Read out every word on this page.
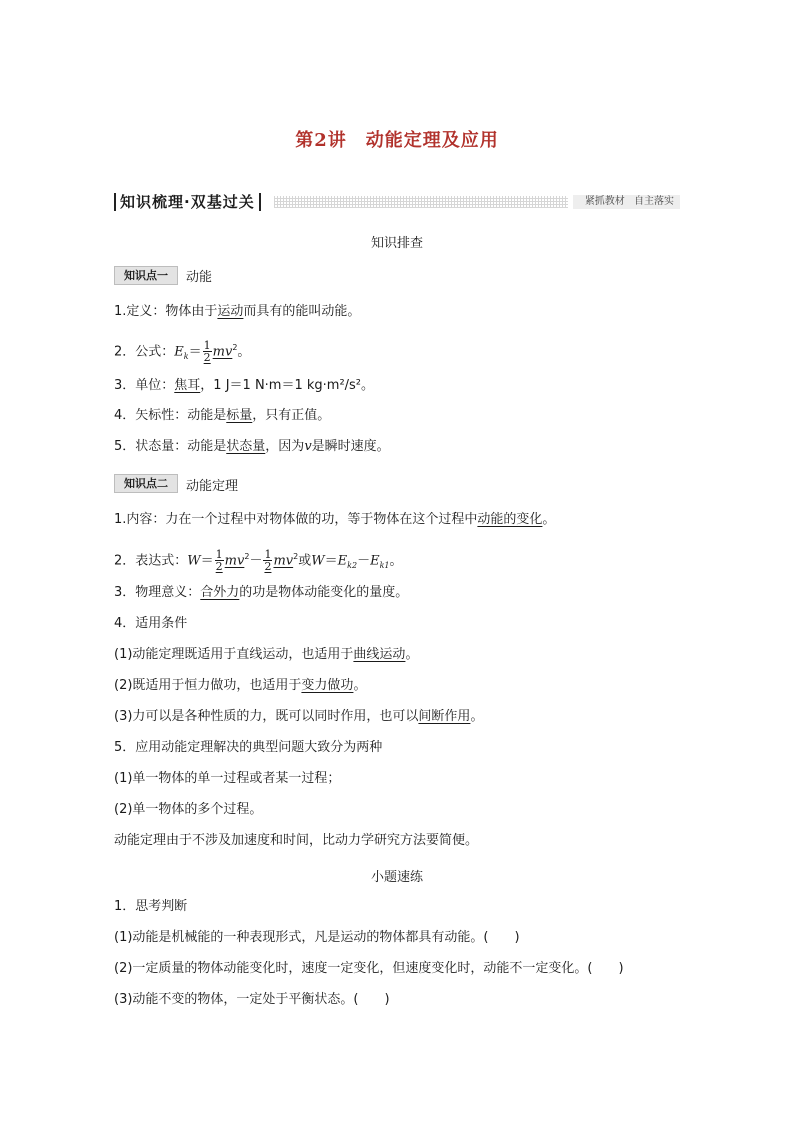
第2讲　动能定理及应用
知识梳理·双基过关	紧抓教材 自主落实
知识排查
知识点一	动能
1.定义：物体由于运动而具有的能叫动能。
2．公式：$E_k= \frac{1}{2} mv^2$。
3．单位：焦耳，1 J＝1 N·m＝1 kg·m²/s²。
4．矢标性：动能是标量，只有正值。
5．状态量：动能是状态量，因为v是瞬时速度。
知识点二	动能定理
1.内容：力在一个过程中对物体做的功，等于物体在这个过程中动能的变化。
2．表达式：$W= \frac{1}{2} mv^2- \frac{1}{2} mv^2$或$W=E_{k2}-E_{k1}$。
3．物理意义：合外力的功是物体动能变化的量度。
4．适用条件
(1)动能定理既适用于直线运动，也适用于曲线运动。
(2)既适用于恒力做功，也适用于变力做功。
(3)力可以是各种性质的力，既可以同时作用，也可以间断作用。
5．应用动能定理解决的典型问题大致分为两种
(1)单一物体的单一过程或者某一过程；
(2)单一物体的多个过程。
动能定理由于不涉及加速度和时间，比动力学研究方法要简便。
小题速练
1．思考判断
(1)动能是机械能的一种表现形式，凡是运动的物体都具有动能。(　　)
(2)一定质量的物体动能变化时，速度一定变化，但速度变化时，动能不一定变化。(　　)
(3)动能不变的物体，一定处于平衡状态。(　　)
